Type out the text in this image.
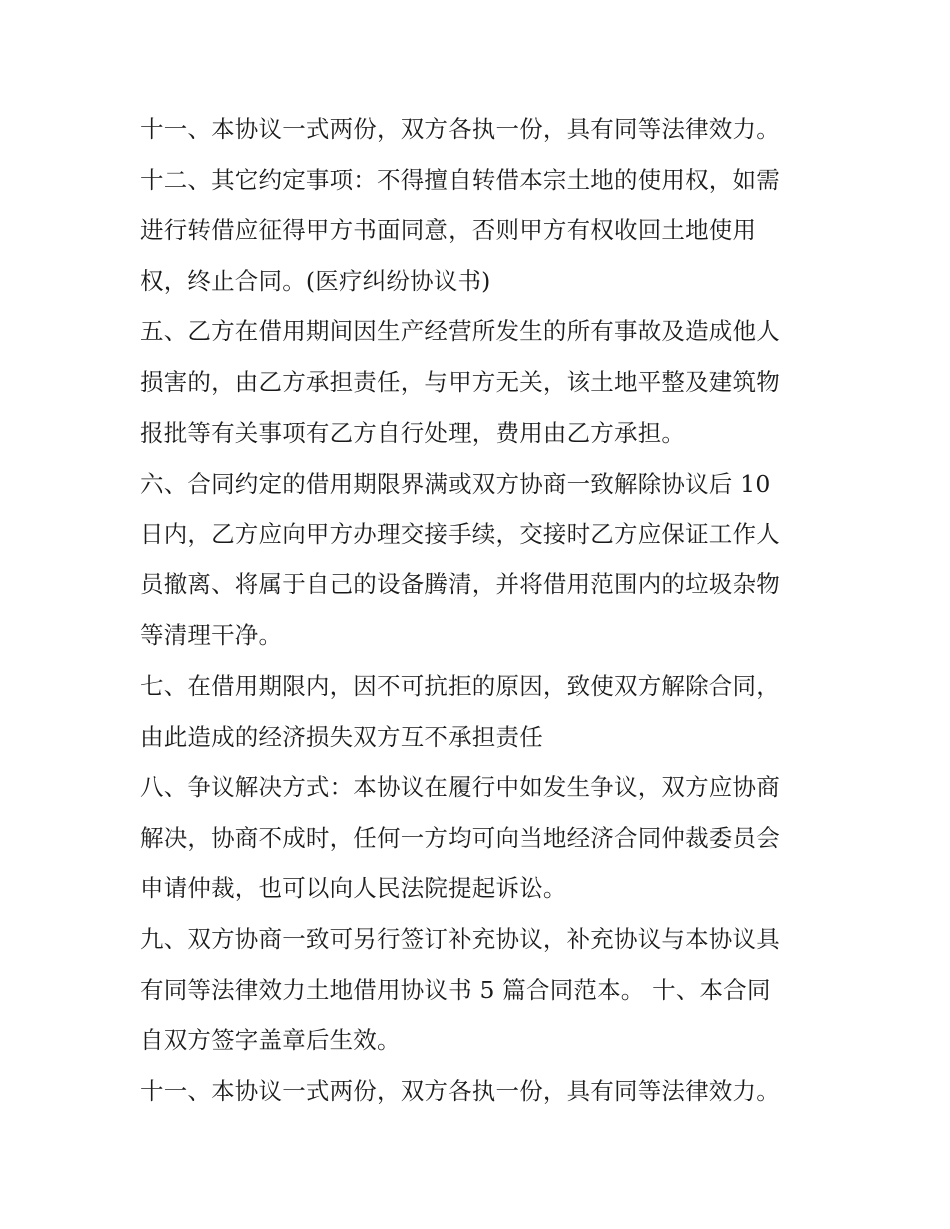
十一、本协议一式两份，双方各执一份，具有同等法律效力。
十二、其它约定事项：不得擅自转借本宗土地的使用权，如需
进行转借应征得甲方书面同意，否则甲方有权收回土地使用
权，终止合同。(医疗纠纷协议书)
五、乙方在借用期间因生产经营所发生的所有事故及造成他人
损害的，由乙方承担责任，与甲方无关，该土地平整及建筑物
报批等有关事项有乙方自行处理，费用由乙方承担。
六、合同约定的借用期限界满或双方协商一致解除协议后 10
日内，乙方应向甲方办理交接手续，交接时乙方应保证工作人
员撤离、将属于自己的设备腾清，并将借用范围内的垃圾杂物
等清理干净。
七、在借用期限内，因不可抗拒的原因，致使双方解除合同，
由此造成的经济损失双方互不承担责任
八、争议解决方式：本协议在履行中如发生争议，双方应协商
解决，协商不成时，任何一方均可向当地经济合同仲裁委员会
申请仲裁，也可以向人民法院提起诉讼。
九、双方协商一致可另行签订补充协议，补充协议与本协议具
有同等法律效力土地借用协议书 5 篇合同范本。 十、本合同
自双方签字盖章后生效。
十一、本协议一式两份，双方各执一份，具有同等法律效力。
